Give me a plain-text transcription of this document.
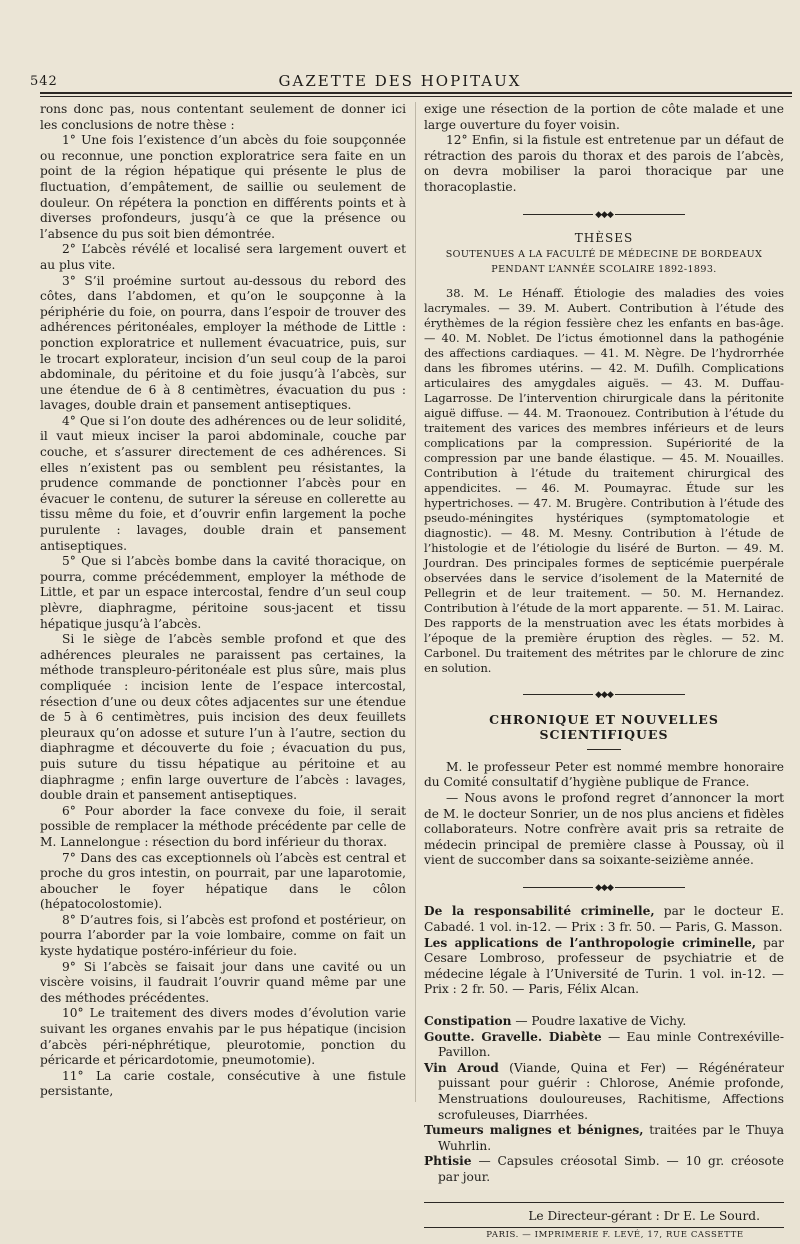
542	GAZETTE DES HOPITAUX

rons donc pas, nous contentant seulement de donner ici les conclusions de notre thèse :

1° Une fois l’existence d’un abcès du foie soupçonnée ou reconnue, une ponction exploratrice sera faite en un point de la région hépatique qui présente le plus de fluctuation, d’empâtement, de saillie ou seulement de douleur. On répétera la ponction en différents points et à diverses profondeurs, jusqu’à ce que la présence ou l’absence du pus soit bien démontrée.

2° L’abcès révélé et localisé sera largement ouvert et au plus vite.

3° S’il proémine surtout au-dessous du rebord des côtes, dans l’abdomen, et qu’on le soupçonne à la périphérie du foie, on pourra, dans l’espoir de trouver des adhérences péritonéales, employer la méthode de Little : ponction exploratrice et nullement évacuatrice, puis, sur le trocart explorateur, incision d’un seul coup de la paroi abdominale, du péritoine et du foie jusqu’à l’abcès, sur une étendue de 6 à 8 centimètres, évacuation du pus : lavages, double drain et pansement antiseptiques.

4° Que si l’on doute des adhérences ou de leur solidité, il vaut mieux inciser la paroi abdominale, couche par couche, et s’assurer directement de ces adhérences. Si elles n’existent pas ou semblent peu résistantes, la prudence commande de ponctionner l’abcès pour en évacuer le contenu, de suturer la séreuse en collerette au tissu même du foie, et d’ouvrir enfin largement la poche purulente : lavages, double drain et pansement antiseptiques.

5° Que si l’abcès bombe dans la cavité thoracique, on pourra, comme précédemment, employer la méthode de Little, et par un espace intercostal, fendre d’un seul coup plèvre, diaphragme, péritoine sous-jacent et tissu hépatique jusqu’à l’abcès.

Si le siège de l’abcès semble profond et que des adhérences pleurales ne paraissent pas certaines, la méthode transpleuro-péritonéale est plus sûre, mais plus compliquée : incision lente de l’espace intercostal, résection d’une ou deux côtes adjacentes sur une étendue de 5 à 6 centimètres, puis incision des deux feuillets pleuraux qu’on adosse et suture l’un à l’autre, section du diaphragme et découverte du foie ; évacuation du pus, puis suture du tissu hépatique au péritoine et au diaphragme ; enfin large ouverture de l’abcès : lavages, double drain et pansement antiseptiques.

6° Pour aborder la face convexe du foie, il serait possible de remplacer la méthode précédente par celle de M. Lannelongue : résection du bord inférieur du thorax.

7° Dans des cas exceptionnels où l’abcès est central et proche du gros intestin, on pourrait, par une laparotomie, aboucher le foyer hépatique dans le côlon (hépatocolostomie).

8° D’autres fois, si l’abcès est profond et postérieur, on pourra l’aborder par la voie lombaire, comme on fait un kyste hydatique postéro-inférieur du foie.

9° Si l’abcès se faisait jour dans une cavité ou un viscère voisins, il faudrait l’ouvrir quand même par une des méthodes précédentes.

10° Le traitement des divers modes d’évolution varie suivant les organes envahis par le pus hépatique (incision d’abcès péri-néphrétique, pleurotomie, ponction du péricarde et péricardotomie, pneumotomie).

11° La carie costale, consécutive à une fistule persistante,

exige une résection de la portion de côte malade et une large ouverture du foyer voisin.

12° Enfin, si la fistule est entretenue par un défaut de rétraction des parois du thorax et des parois de l’abcès, on devra mobiliser la paroi thoracique par une thoracoplastie.

◆◆◆

THÈSES

SOUTENUES A LA FACULTÉ DE MÉDECINE DE BORDEAUX

PENDANT L’ANNÉE SCOLAIRE 1892-1893.

38. M. Le Hénaff. Étiologie des maladies des voies lacrymales. — 39. M. Aubert. Contribution à l’étude des érythèmes de la région fessière chez les enfants en bas-âge. — 40. M. Noblet. De l’ictus émotionnel dans la pathogénie des affections cardiaques. — 41. M. Nègre. De l’hydrorrhée dans les fibromes utérins. — 42. M. Dufilh. Complications articulaires des amygdales aiguës. — 43. M. Duffau-Lagarrosse. De l’intervention chirurgicale dans la péritonite aiguë diffuse. — 44. M. Traonouez. Contribution à l’étude du traitement des varices des membres inférieurs et de leurs complications par la compression. Supériorité de la compression par une bande élastique. — 45. M. Nouailles. Contribution à l’étude du traitement chirurgical des appendicites. — 46. M. Poumayrac. Étude sur les hypertrichoses. — 47. M. Brugère. Contribution à l’étude des pseudo-méningites hystériques (symptomatologie et diagnostic). — 48. M. Mesny. Contribution à l’étude de l’histologie et de l’étiologie du liséré de Burton. — 49. M. Jourdran. Des principales formes de septicémie puerpérale observées dans le service d’isolement de la Maternité de Pellegrin et de leur traitement. — 50. M. Hernandez. Contribution à l’étude de la mort apparente. — 51. M. Lairac. Des rapports de la menstruation avec les états morbides à l’époque de la première éruption des règles. — 52. M. Carbonel. Du traitement des métrites par le chlorure de zinc en solution.

◆◆◆
CHRONIQUE ET NOUVELLES SCIENTIFIQUES

M. le professeur Peter est nommé membre honoraire du Comité consultatif d’hygiène publique de France.

— Nous avons le profond regret d’annoncer la mort de M. le docteur Sonrier, un de nos plus anciens et fidèles collaborateurs. Notre confrère avait pris sa retraite de médecin principal de première classe à Poussay, où il vient de succomber dans sa soixante-seizième année.

◆◆◆

De la responsabilité criminelle, par le docteur E. Cabadé. 1 vol. in-12. — Prix : 3 fr. 50. — Paris, G. Masson.

Les applications de l’anthropologie criminelle, par Cesare Lombroso, professeur de psychiatrie et de médecine légale à l’Université de Turin. 1 vol. in-12. — Prix : 2 fr. 50. — Paris, Félix Alcan.

Constipation — Poudre laxative de Vichy.

Goutte. Gravelle. Diabète — Eau minle Contrexéville-Pavillon.

Vin Aroud (Viande, Quina et Fer) — Régénérateur puissant pour guérir : Chlorose, Anémie profonde, Menstruations douloureuses, Rachitisme, Affections scrofuleuses, Diarrhées.

Tumeurs malignes et bénignes, traitées par le Thuya Wuhrlin.

Phtisie — Capsules créosotal Simb. — 10 gr. créosote par jour.

Le Directeur-gérant : Dr E. Le Sourd.

PARIS. — IMPRIMERIE F. LEVÉ, 17, RUE CASSETTE
